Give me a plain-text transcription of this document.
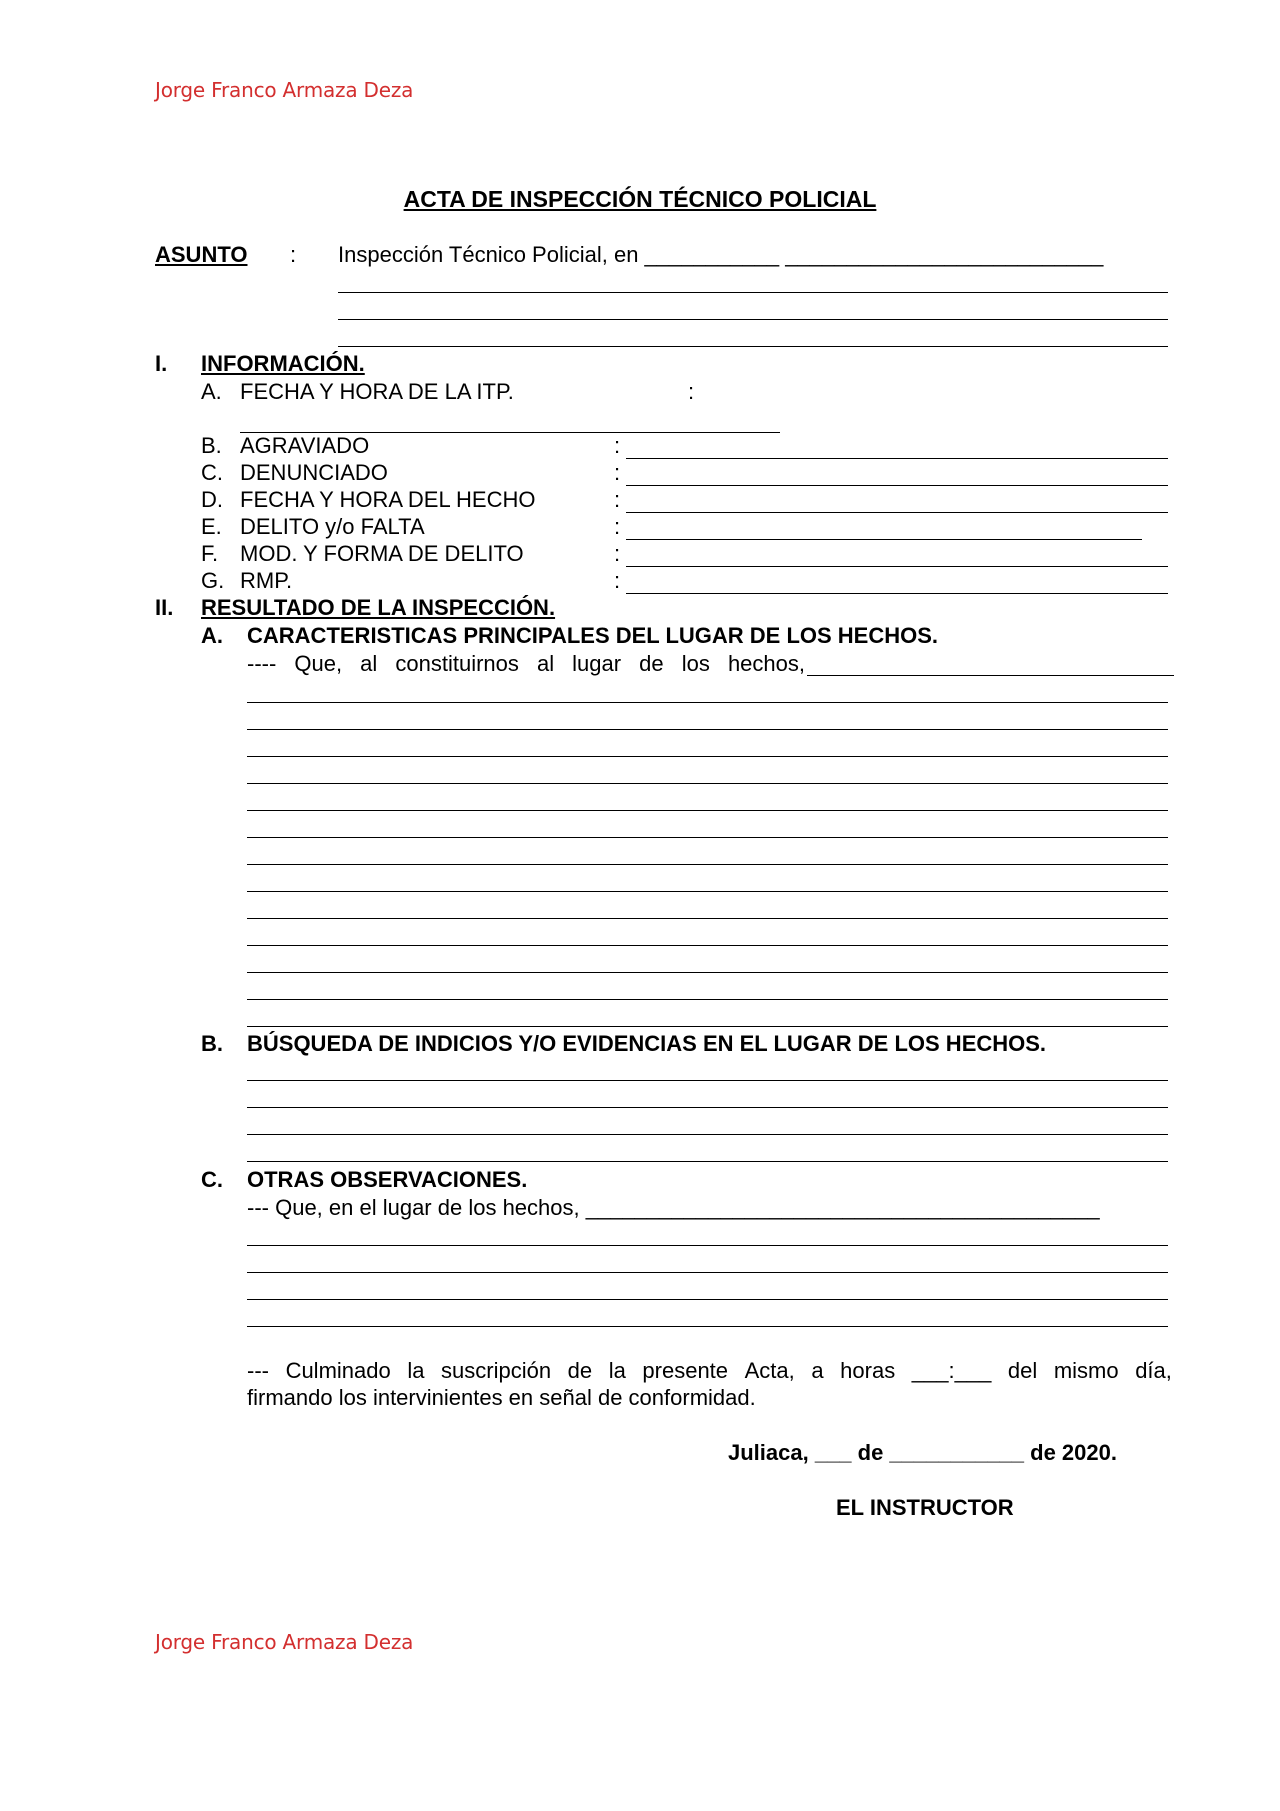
Jorge Franco Armaza Deza
ACTA DE INSPECCIÓN TÉCNICO POLICIAL
ASUNTO : Inspección Técnico Policial, en ___________ __________________________
I. INFORMACIÓN.
A. FECHA Y HORA DE LA ITP.	:
B. AGRAVIADO	:
C. DENUNCIADO	:
D. FECHA Y HORA DEL HECHO	:
E. DELITO y/o FALTA	:
F. MOD. Y FORMA DE DELITO	:
G. RMP.	:
II. RESULTADO DE LA INSPECCIÓN.
A. CARACTERISTICAS PRINCIPALES DEL LUGAR DE LOS HECHOS.
---- Que, al constituirnos al lugar de los hechos,
B. BÚSQUEDA DE INDICIOS Y/O EVIDENCIAS EN EL LUGAR DE LOS HECHOS.
C. OTRAS OBSERVACIONES.
--- Que, en el lugar de los hechos, __________________________________________
--- Culminado la suscripción de la presente Acta, a horas ___:___ del mismo día,
firmando los intervinientes en señal de conformidad.
Juliaca, ___ de ___________ de 2020.
EL INSTRUCTOR
Jorge Franco Armaza Deza
